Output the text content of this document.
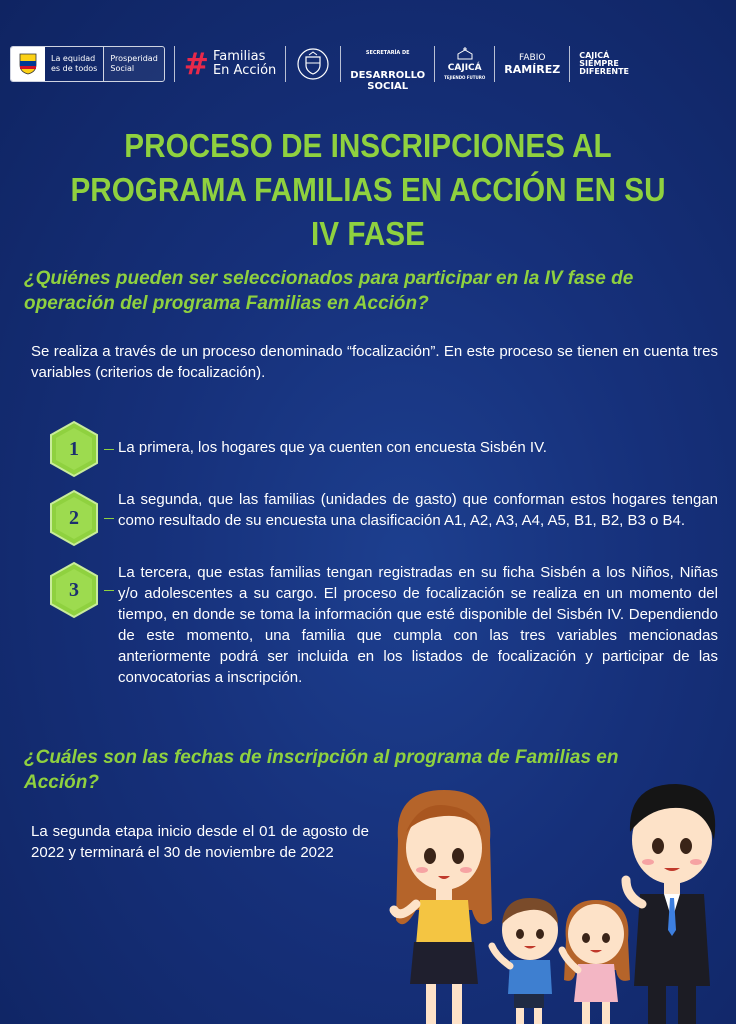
La equidad
es de todos
Prosperidad
Social	# Familias
En Acción

SECRETARÍA DE

DESARROLLO
SOCIAL

CAJICÁ
TEJIENDO FUTURO
FABIO
RAMÍREZ
CAJICÁ
SIEMPRE
DIFERENTE
PROCESO DE INSCRIPCIONES AL PROGRAMA FAMILIAS EN ACCIÓN EN SU IV FASE
¿Quiénes pueden ser seleccionados para participar en la IV fase de operación del programa Familias en Acción?

Se realiza a través de un proceso denominado “focalización”. En este proceso se tienen en cuenta tres variables (criterios de focalización).

1	La primera, los hogares que ya cuenten con encuesta Sisbén IV.

2

La segunda, que las familias (unidades de gasto) que conforman estos hogares tengan como resultado de su encuesta una clasificación A1, A2, A3, A4, A5, B1, B2, B3 o B4.

3

La tercera, que estas familias tengan registradas en su ficha Sisbén a los Niños, Niñas y/o adolescentes a su cargo. El proceso de focalización se realiza en un momento del tiempo, en donde se toma la información que esté disponible del Sisbén IV. Dependiendo de este momento, una familia que cumpla con las tres variables mencionadas anteriormente podrá ser incluida en los listados de focalización y participar de las convocatorias a inscripción.

¿Cuáles son las fechas de inscripción al programa de Familias en Acción?

La segunda etapa inicio desde el 01 de agosto de 2022 y terminará el 30 de noviembre de 2022
